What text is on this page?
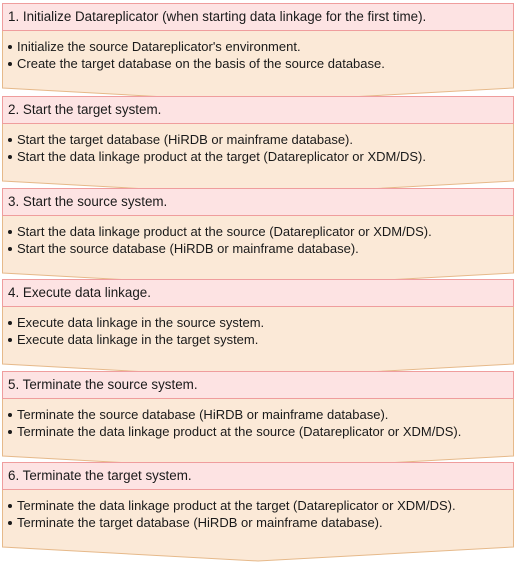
1. Initialize Datareplicator (when starting data linkage for the first time).
Initialize the source Datareplicator's environment.
Create the target database on the basis of the source database.
2. Start the target system.
Start the target database (HiRDB or mainframe database).
Start the data linkage product at the target (Datareplicator or XDM/DS).
3. Start the source system.
Start the data linkage product at the source (Datareplicator or XDM/DS).
Start the source database (HiRDB or mainframe database).
4. Execute data linkage.
Execute data linkage in the source system.
Execute data linkage in the target system.
5. Terminate the source system.
Terminate the source database (HiRDB or mainframe database).
Terminate the data linkage product at the source (Datareplicator or XDM/DS).
6. Terminate the target system.
Terminate the data linkage product at the target (Datareplicator or XDM/DS).
Terminate the target database (HiRDB or mainframe database).
